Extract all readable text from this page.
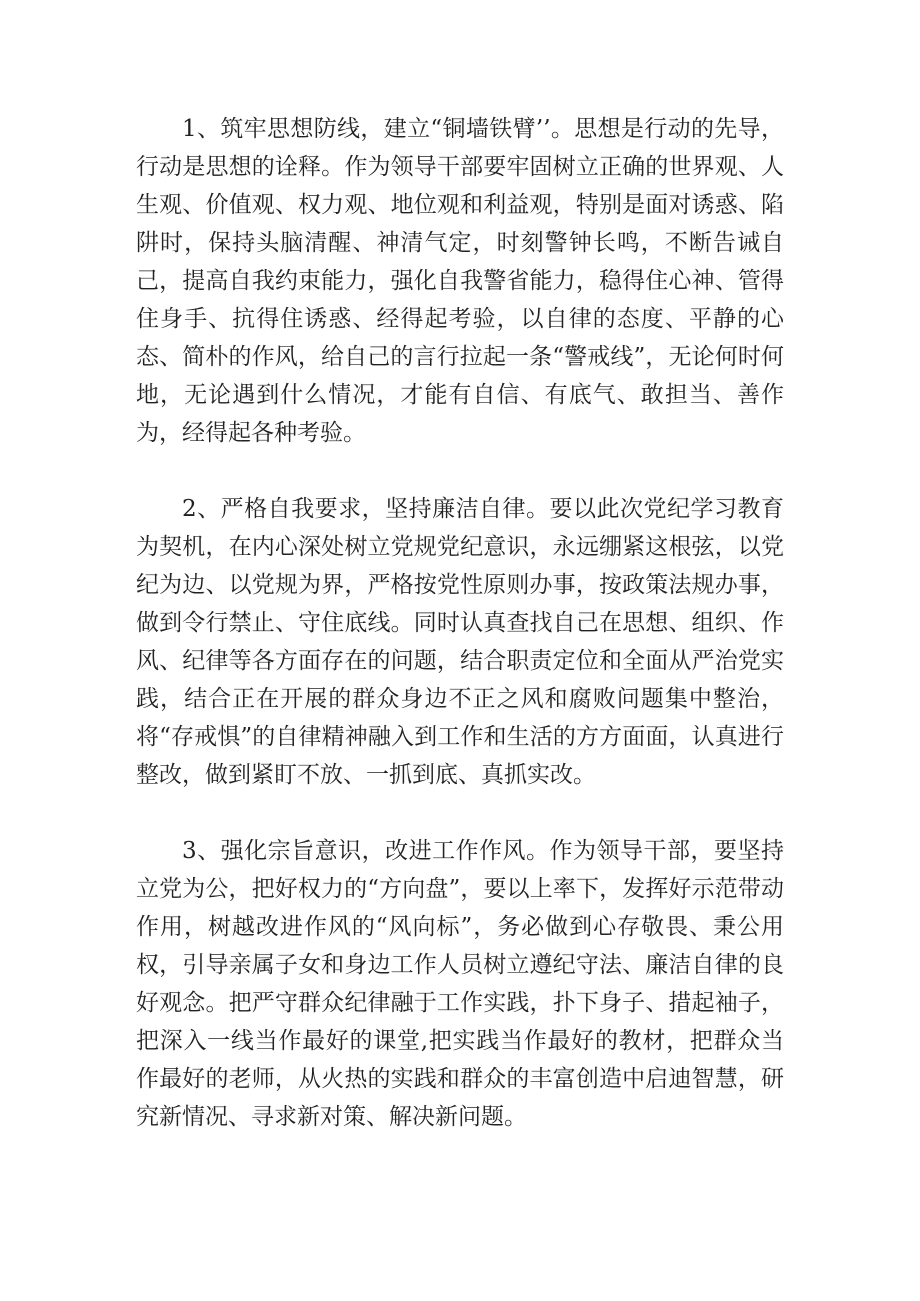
1、筑牢思想防线，建立“铜墙铁臂’’。思想是行动的先导，行动是思想的诠释。作为领导干部要牢固树立正确的世界观、人生观、价值观、权力观、地位观和利益观，特别是面对诱惑、陷阱时，保持头脑清醒、神清气定，时刻警钟长鸣，不断告诫自己，提高自我约束能力，强化自我警省能力，稳得住心神、管得住身手、抗得住诱惑、经得起考验，以自律的态度、平静的心态、简朴的作风，给自己的言行拉起一条“警戒线”，无论何时何地，无论遇到什么情况，才能有自信、有底气、敢担当、善作为，经得起各种考验。

2、严格自我要求，坚持廉洁自律。要以此次党纪学习教育为契机，在内心深处树立党规党纪意识，永远绷紧这根弦，以党纪为边、以党规为界，严格按党性原则办事，按政策法规办事，做到令行禁止、守住底线。同时认真查找自己在思想、组织、作风、纪律等各方面存在的问题，结合职责定位和全面从严治党实践，结合正在开展的群众身边不正之风和腐败问题集中整治，将“存戒惧”的自律精神融入到工作和生活的方方面面，认真进行整改，做到紧盯不放、一抓到底、真抓实改。

3、强化宗旨意识，改进工作作风。作为领导干部，要坚持立党为公，把好权力的“方向盘”，要以上率下，发挥好示范带动作用，树越改进作风的“风向标”，务必做到心存敬畏、秉公用权，引导亲属子女和身边工作人员树立遵纪守法、廉洁自律的良好观念。把严守群众纪律融于工作实践，扑下身子、措起袖子，把深入一线当作最好的课堂,把实践当作最好的教材，把群众当作最好的老师，从火热的实践和群众的丰富创造中启迪智慧，研究新情况、寻求新对策、解决新问题。
